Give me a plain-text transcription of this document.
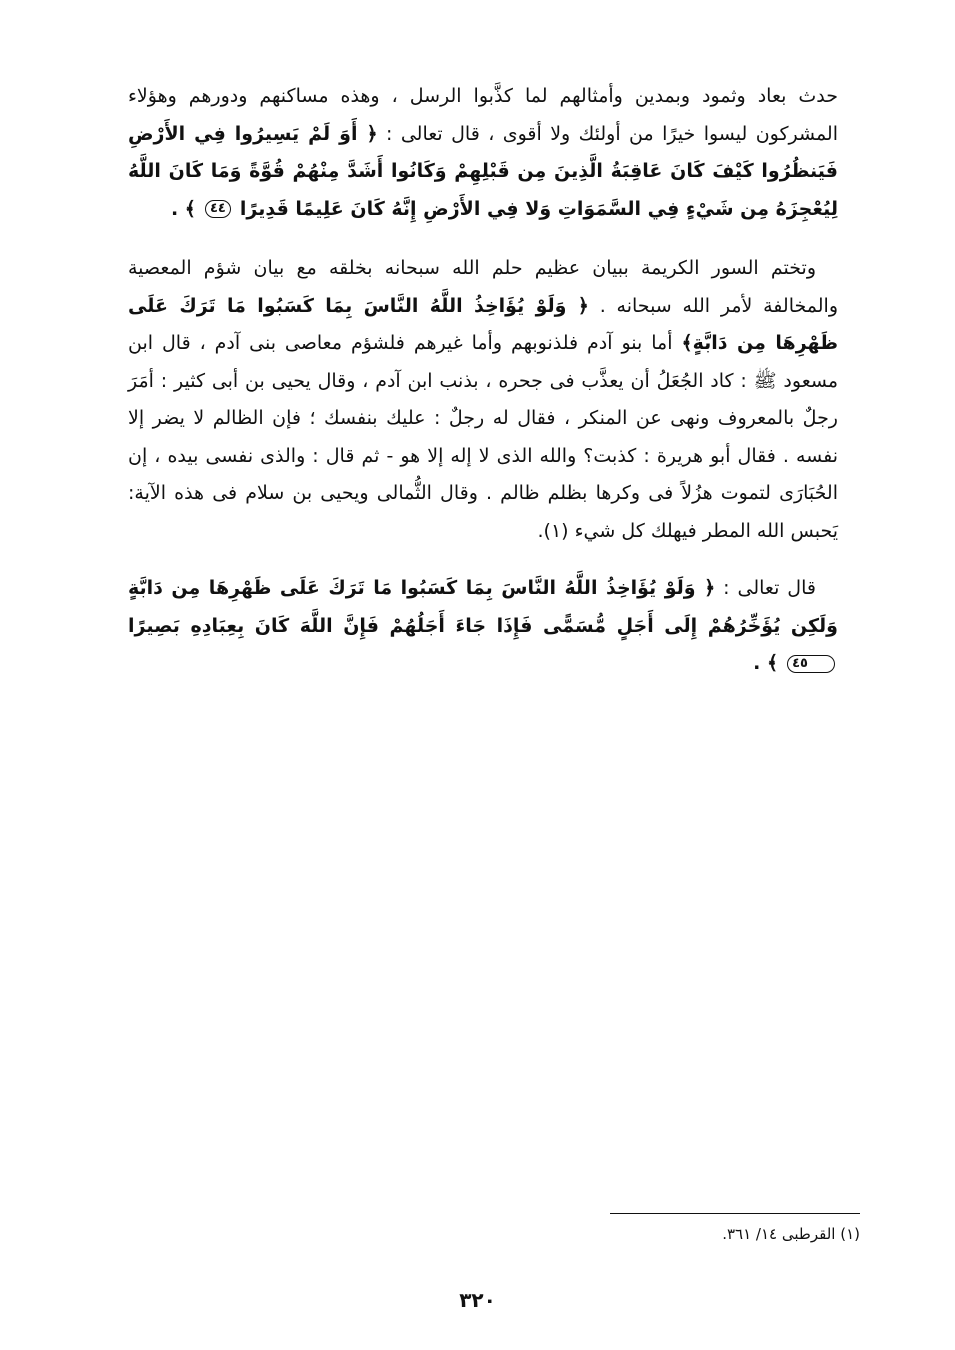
حدث بعاد وثمود وبمدين وأمثالهم لما كذَّبوا الرسل ، وهذه مساكنهم ودورهم وهؤلاء المشركون ليسوا خيرًا من أولئك ولا أقوى ، قال تعالى : ﴿ أَوَ لَمْ يَسِيرُوا فِي الأَرْضِ فَيَنظُرُوا كَيْفَ كَانَ عَاقِبَةُ الَّذِينَ مِن قَبْلِهِمْ وَكَانُوا أَشَدَّ مِنْهُمْ قُوَّةً وَمَا كَانَ اللَّهُ لِيُعْجِزَهُ مِن شَيْءٍ فِي السَّمَوَاتِ وَلا فِي الأَرْضِ إِنَّهُ كَانَ عَلِيمًا قَدِيرًا ٤٤ ﴾ .

وتختم السور الكريمة ببيان عظيم حلم الله سبحانه بخلقه مع بيان شؤم المعصية والمخالفة لأمر الله سبحانه . ﴿ وَلَوْ يُؤَاخِذُ اللَّهُ النَّاسَ بِمَا كَسَبُوا مَا تَرَكَ عَلَى ظَهْرِهَا مِن دَابَّةٍ﴾ أما بنو آدم فلذنوبهم وأما غيرهم فلشؤم معاصى بنى آدم ، قال ابن مسعود ﷺ : كاد الجُعَلُ أن يعذَّب فى جحره ، بذنب ابن آدم ، وقال يحيى بن أبى كثير : أمَرَ رجلٌ بالمعروف ونهى عن المنكر ، فقال له رجلٌ : عليك بنفسك ؛ فإن الظالم لا يضر إلا نفسه . فقال أبو هريرة : كذبت؟ والله الذى لا إله إلا هو - ثم قال : والذى نفسى بيده ، إن الحُبَارَى لتموت هزُلاً فى وكرها بظلم ظالم . وقال الثُّمالى ويحيى بن سلام فى هذه الآية: يَحبس الله المطر فيهلك كل شيء (١).

قال تعالى : ﴿ وَلَوْ يُؤَاخِذُ اللَّهُ النَّاسَ بِمَا كَسَبُوا مَا تَرَكَ عَلَى ظَهْرِهَا مِن دَابَّةٍ وَلَكِن يُؤَخِّرُهُمْ إِلَى أَجَلٍ مُّسَمًّى فَإِذَا جَاءَ أَجَلُهُمْ فَإِنَّ اللَّهَ كَانَ بِعِبَادِهِ بَصِيرًا ٤٥ ﴾ .

(١) القرطبى ١٤/ ٣٦١.
٣٢٠
